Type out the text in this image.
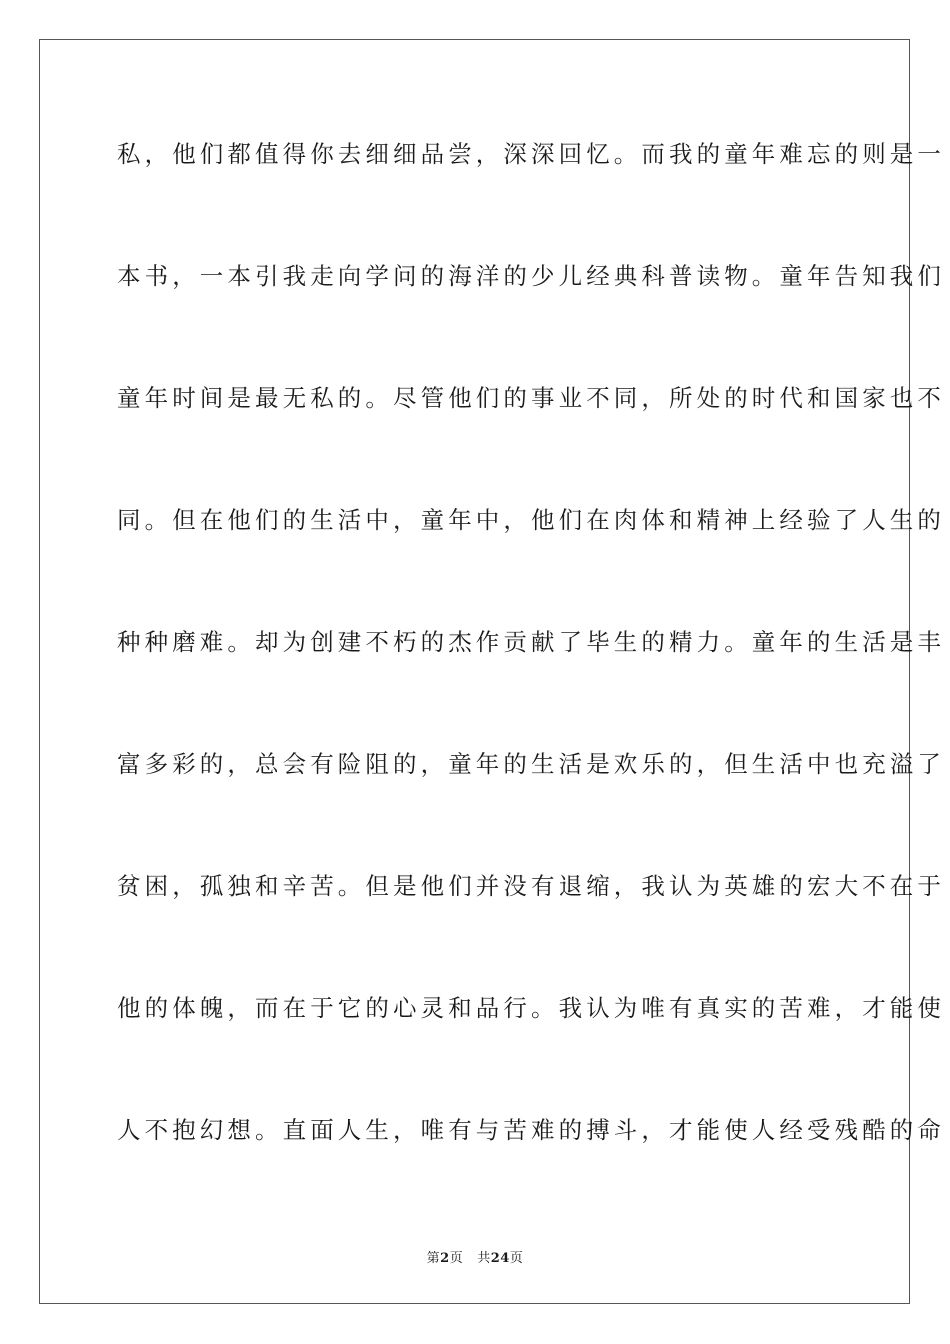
私，他们都值得你去细细品尝，深深回忆。而我的童年难忘的则是一
本书，一本引我走向学问的海洋的少儿经典科普读物。童年告知我们
童年时间是最无私的。尽管他们的事业不同，所处的时代和国家也不
同。但在他们的生活中，童年中，他们在肉体和精神上经验了人生的
种种磨难。却为创建不朽的杰作贡献了毕生的精力。童年的生活是丰
富多彩的，总会有险阻的，童年的生活是欢乐的，但生活中也充溢了
贫困，孤独和辛苦。但是他们并没有退缩，我认为英雄的宏大不在于
他的体魄，而在于它的心灵和品行。我认为唯有真实的苦难，才能使
人不抱幻想。直面人生，唯有与苦难的搏斗，才能使人经受残酷的命
第2页 共24页
